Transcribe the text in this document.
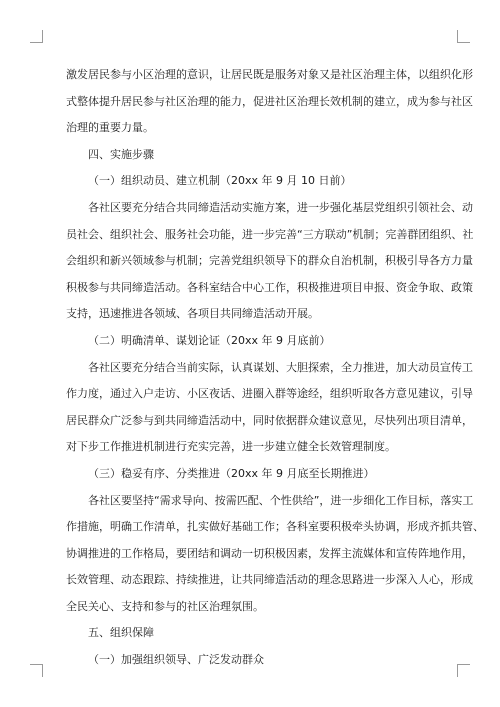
激发居民参与小区治理的意识，让居民既是服务对象又是社区治理主体，以组织化形
式整体提升居民参与社区治理的能力，促进社区治理长效机制的建立，成为参与社区
治理的重要力量。
四、实施步骤
（一）组织动员、建立机制（20xx 年 9 月 10 日前）
各社区要充分结合共同缔造活动实施方案，进一步强化基层党组织引领社会、动
员社会、组织社会、服务社会功能，进一步完善“三方联动”机制；完善群团组织、社
会组织和新兴领域参与机制；完善党组织领导下的群众自治机制，积极引导各方力量
积极参与共同缔造活动。各科室结合中心工作，积极推进项目申报、资金争取、政策
支持，迅速推进各领域、各项目共同缔造活动开展。
（二）明确清单、谋划论证（20xx 年 9 月底前）
各社区要充分结合当前实际，认真谋划、大胆探索，全力推进，加大动员宣传工
作力度，通过入户走访、小区夜话、进圈入群等途经，组织听取各方意见建议，引导
居民群众广泛参与到共同缔造活动中，同时依据群众建议意见，尽快列出项目清单，
对下步工作推进机制进行充实完善，进一步建立健全长效管理制度。
（三）稳妥有序、分类推进（20xx 年 9 月底至长期推进）
各社区要坚持“需求导向、按需匹配、个性供给”，进一步细化工作目标，落实工
作措施，明确工作清单，扎实做好基础工作；各科室要积极牵头协调，形成齐抓共管、
协调推进的工作格局，要团结和调动一切积极因素，发挥主流媒体和宣传阵地作用，
长效管理、动态跟踪、持续推进，让共同缔造活动的理念思路进一步深入人心，形成
全民关心、支持和参与的社区治理氛围。
五、组织保障
（一）加强组织领导、广泛发动群众
